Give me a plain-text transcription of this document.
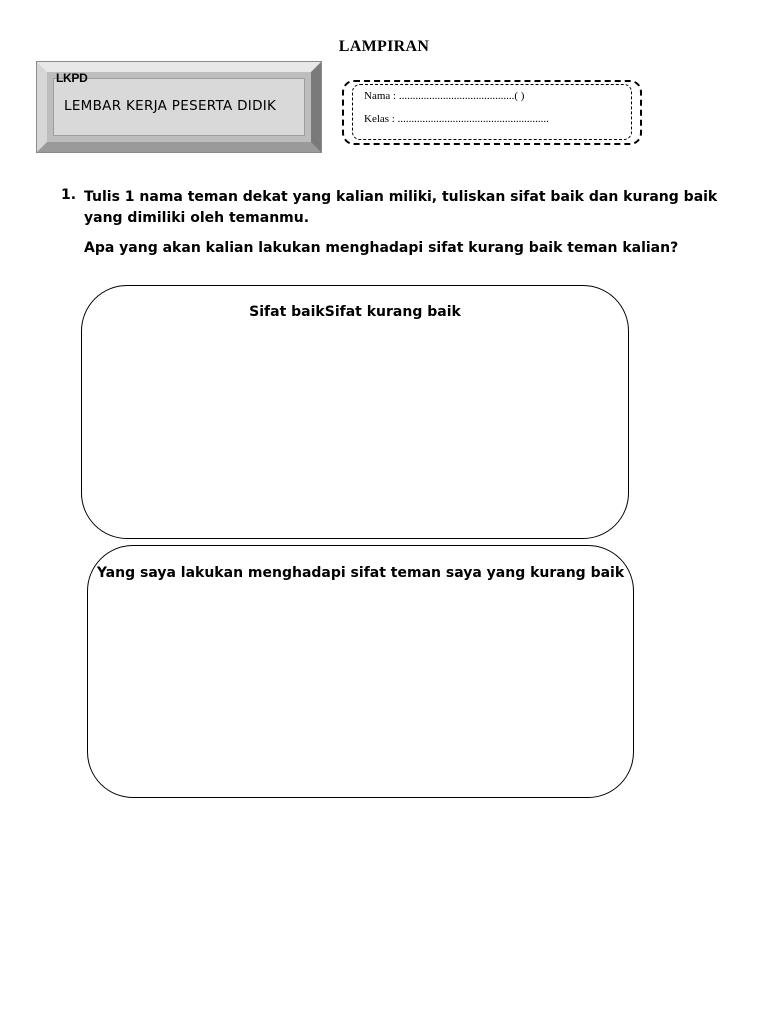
LAMPIRAN
LKPD
LEMBAR KERJA PESERTA DIDIK
Nama : ..........................................( )
Kelas : .......................................................
1. Tulis 1 nama teman dekat yang kalian miliki, tuliskan sifat baik dan kurang baik yang dimiliki oleh temanmu.
Apa yang akan kalian lakukan menghadapi sifat kurang baik teman kalian?
Sifat baikSifat kurang baik
Yang saya lakukan menghadapi sifat teman saya yang kurang baik
